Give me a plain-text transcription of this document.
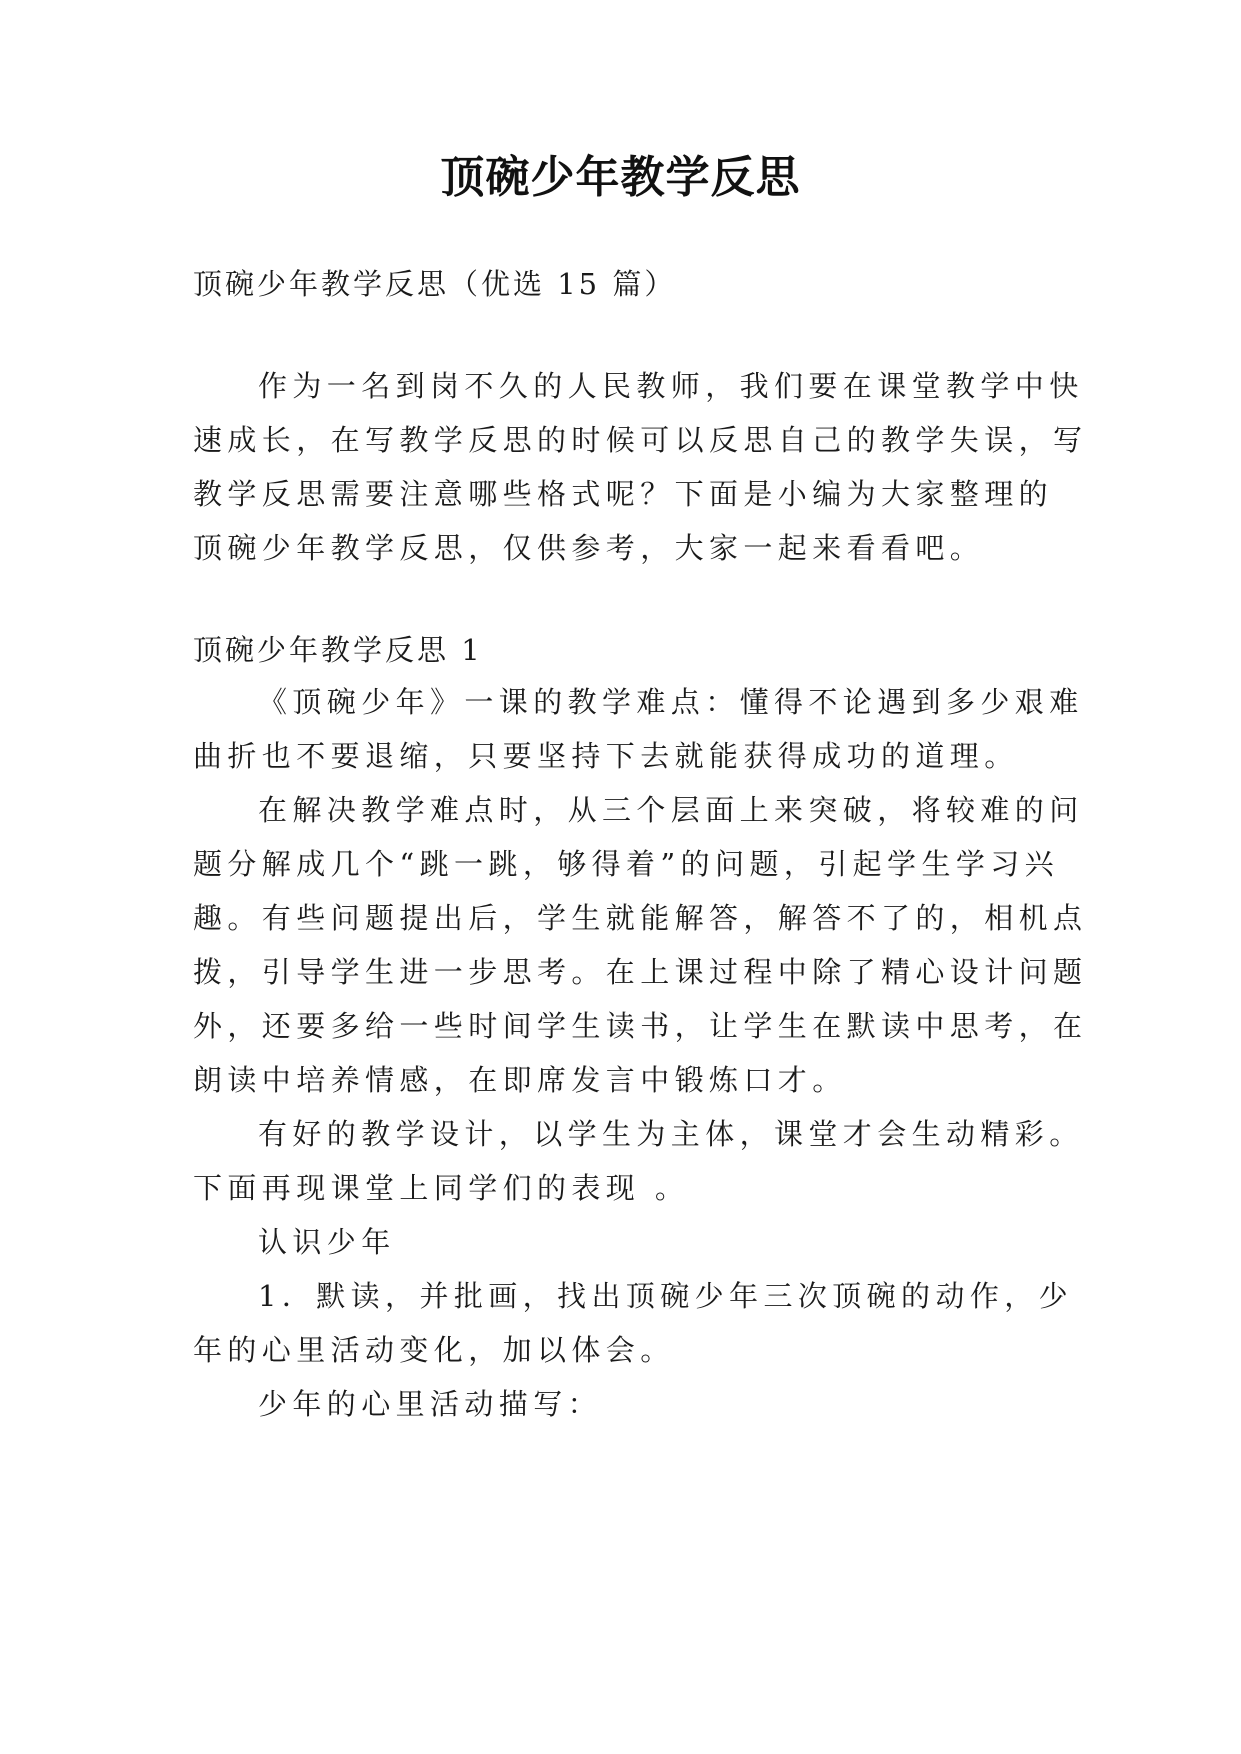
顶碗少年教学反思
顶碗少年教学反思（优选 15 篇）
作为一名到岗不久的人民教师，我们要在课堂教学中快
速成长，在写教学反思的时候可以反思自己的教学失误，写
教学反思需要注意哪些格式呢？下面是小编为大家整理的
顶碗少年教学反思，仅供参考，大家一起来看看吧。
顶碗少年教学反思 1
《顶碗少年》一课的教学难点：懂得不论遇到多少艰难
曲折也不要退缩，只要坚持下去就能获得成功的道理。
在解决教学难点时，从三个层面上来突破，将较难的问
题分解成几个“跳一跳，够得着”的问题，引起学生学习兴
趣。有些问题提出后，学生就能解答，解答不了的，相机点
拨，引导学生进一步思考。在上课过程中除了精心设计问题
外，还要多给一些时间学生读书，让学生在默读中思考，在
朗读中培养情感，在即席发言中锻炼口才。
有好的教学设计，以学生为主体，课堂才会生动精彩。
下面再现课堂上同学们的表现 。
认识少年
1．默读，并批画，找出顶碗少年三次顶碗的动作，少
年的心里活动变化，加以体会。
少年的心里活动描写：
